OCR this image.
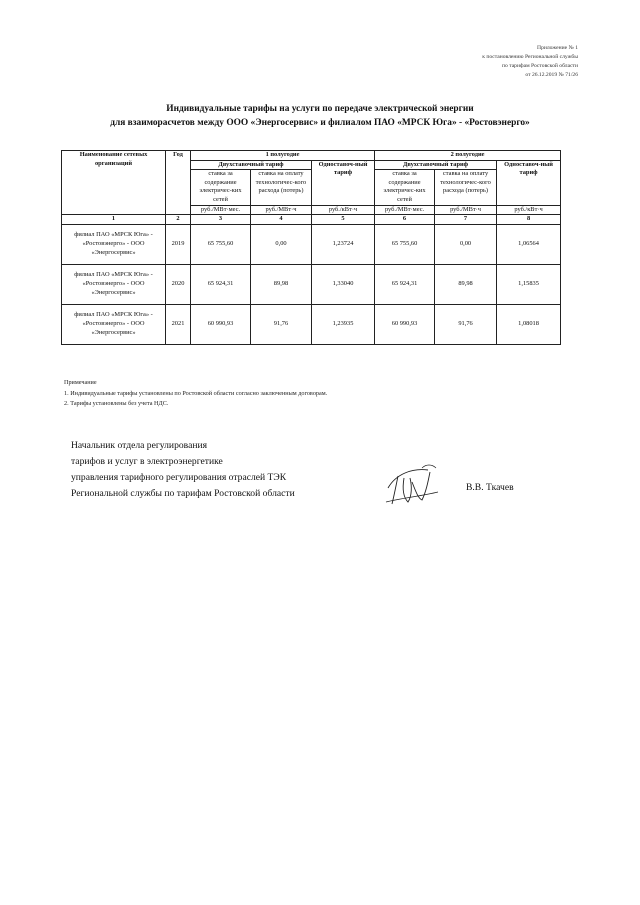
Приложение № 1
к постановлению Региональной службы
по тарифам Ростовской области
от 26.12.2019 № 71/26
Индивидуальные тарифы на услуги по передаче электрической энергии
для взаиморасчетов между ООО «Энергосервис» и филиалом ПАО «МРСК Юга» - «Ростовэнерго»
Наименование сетевых организаций	Год	1 полугодие			2 полугодие		
		Двухставочный тариф		Одноставоч-ный тариф	Двухставочный тариф		Одноставоч-ный тариф
		ставка за содержание электричес-ких сетей	ставка на оплату технологичес-кого расхода (потерь)		ставка за содержание электричес-ких сетей	ставка на оплату технологичес-кого расхода (потерь)	
		руб./МВт·мес.	руб./МВт·ч	руб./кВт·ч	руб./МВт·мес.	руб./МВт·ч	руб./кВт·ч
1	2	3	4	5	6	7	8
филиал ПАО «МРСК Юга» - «Ростовэнерго» - ООО «Энергосервис»	2019	65 755,60	0,00	1,23724	65 755,60	0,00	1,06564
филиал ПАО «МРСК Юга» - «Ростовэнерго» - ООО «Энергосервис»	2020	65 924,31	89,98	1,33040	65 924,31	89,98	1,15835
филиал ПАО «МРСК Юга» - «Ростовэнерго» - ООО «Энергосервис»	2021	60 990,93	91,76	1,23935	60 990,93	91,76	1,08018
Примечание
1. Индивидуальные тарифы установлены по Ростовской области согласно заключенным договорам.
2. Тарифы установлены без учета НДС.
Начальник отдела регулирования
тарифов и услуг в электроэнергетике
управления тарифного регулирования отраслей ТЭК
Региональной службы по тарифам Ростовской области
В.В. Ткачев
